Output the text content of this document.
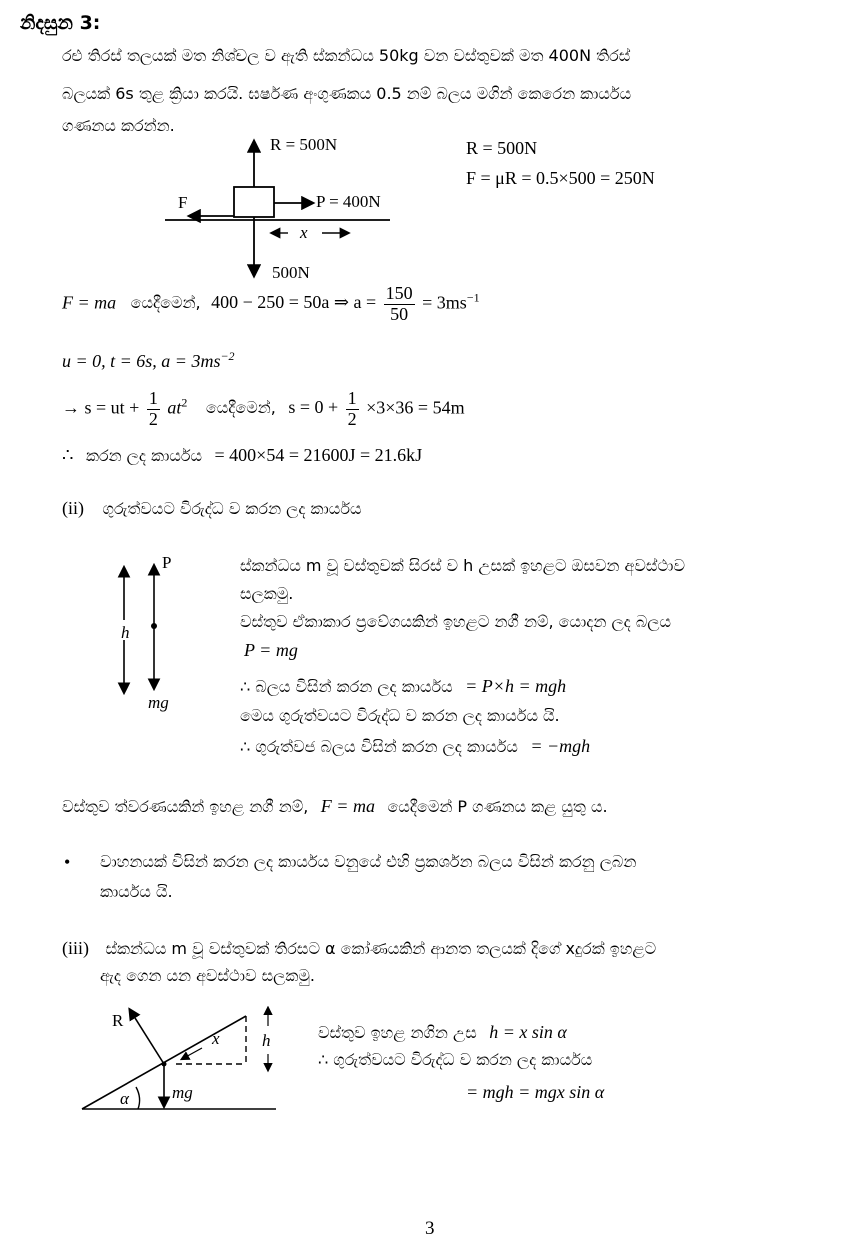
නිදසුන 3:
රළු තිරස් තලයක් මත නිශ්චල ව ඇති ස්කන්ධය 50kg වන වස්තුවක් මත 400N තිරස්
බලයක් 6s තුළ ක්‍රියා කරයි. ඝර්ෂණ අංගුණකය 0.5 නම් බලය මගින් කෙරෙන කාර්යය
ගණනය කරන්න.
R = 500N
P = 400N
F
x
500N
R = 500N
F = μR = 0.5×500 = 250N
F = ma යෙදීමෙන්, 400 − 250 = 50a ⇒ $a = \frac{150}{50} = 3ms^{-1}$
u = 0, t = 6s, $a = 3ms^{-2}$
→ s = ut + $\frac{1}{2} at^2$ යෙදීමෙන්, $s = 0 + \frac{1}{2} \times 3\times 36 = 54m$
∴ කරන ලද කාර්යය = 400×54 = 21600J = 21.6kJ
(ii) ගුරුත්වයට විරුද්ධ ව කරන ලද කාර්යය
P
h
mg
ස්කන්ධය m වූ වස්තුවක් සිරස් ව h උසක් ඉහළට ඔසවන අවස්ථාව
සලකමු.
වස්තුව ඒකාකාර ප්‍රවේගයකින් ඉහළට නගී නම්, යොදන ලද බලය
P = mg
∴ බලය විසින් කරන ලද කාර්යය = P×h = mgh
මෙය ගුරුත්වයට විරුද්ධ ව කරන ලද කාර්යය යි.
∴ ගුරුත්වජ බලය විසින් කරන ලද කාර්යය = −mgh
වස්තුව ත්වරණයකින් ඉහළ නගී නම්, F = ma යෙදීමෙන් P ගණනය කළ යුතු ය.
• වාහනයක් විසින් කරන ලද කාර්යය වනුයේ එහි ප්‍රකර්ශන බලය විසින් කරනු ලබන
කාර්යය යි.
(iii) ස්කන්ධය m වූ වස්තුවක් තිරසට α කෝණයකින් ආනත තලයක් දිගේ xදුරක් ඉහළට
ඇද ගෙන යන අවස්ථාව සලකමු.
R
x
mg
α
h	වස්තුව ඉහළ නගින උස h = x sin α
∴ ගුරුත්වයට විරුද්ධ ව කරන ලද කාර්යය
= mgh = mgx sin α
3
